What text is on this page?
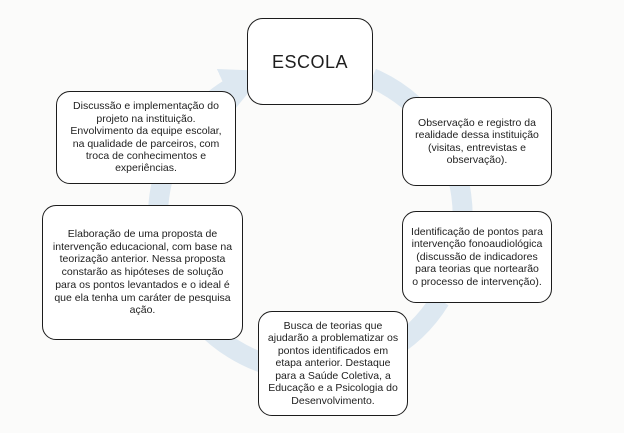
ESCOLA
Observação e registro da realidade dessa instituição (visitas, entrevistas e observação).
Identificação de pontos para intervenção fonoaudiológica (discussão de indicadores para teorias que nortearão o processo de intervenção).
Busca de teorias que ajudarão a problematizar os pontos identificados em etapa anterior. Destaque para a Saúde Coletiva, a Educação e a Psicologia do Desenvolvimento.
Elaboração de uma proposta de intervenção educacional, com base na teorização anterior. Nessa proposta constarão as hipóteses de solução para os pontos levantados e o ideal é que ela tenha um caráter de pesquisa ação.
Discussão e implementação do projeto na instituição. Envolvimento da equipe escolar, na qualidade de parceiros, com troca de conhecimentos e experiências.
